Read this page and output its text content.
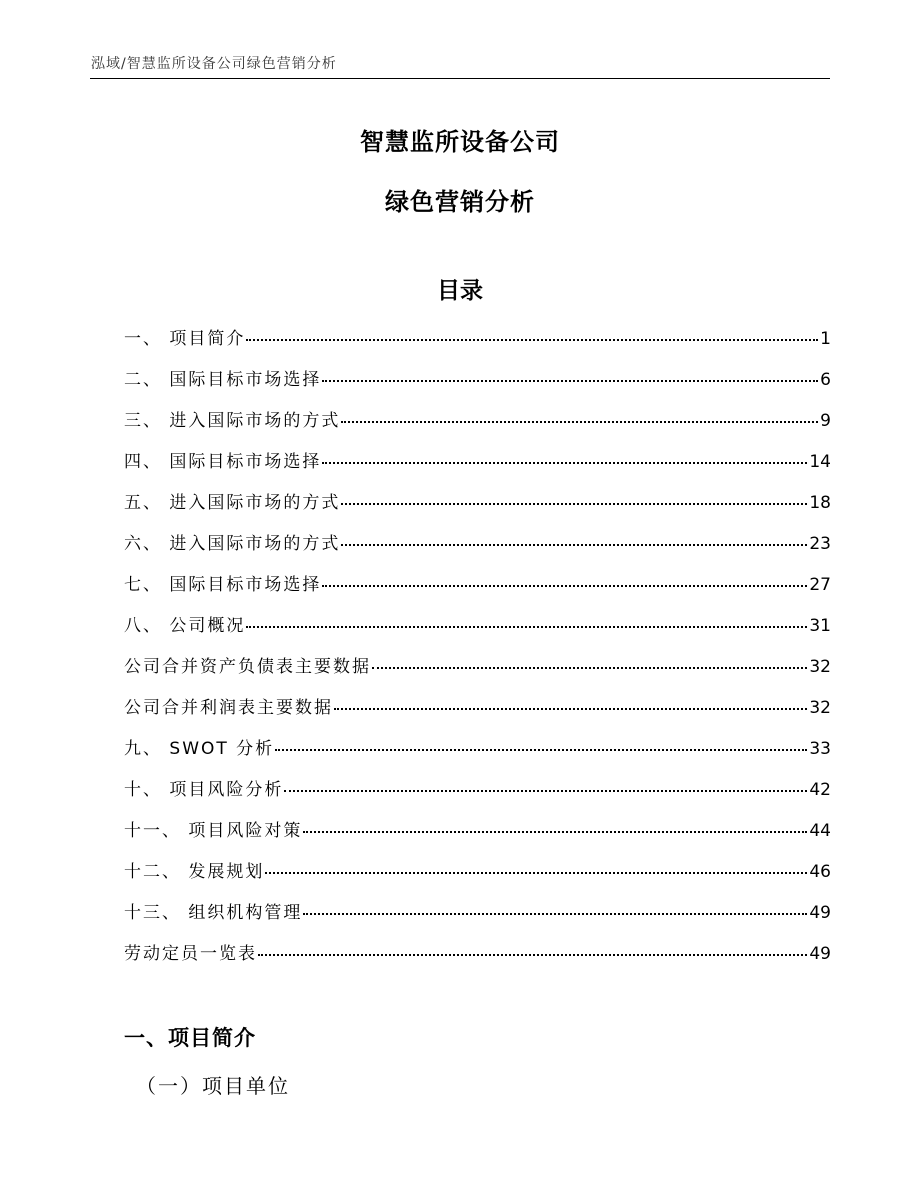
泓域/智慧监所设备公司绿色营销分析
智慧监所设备公司
绿色营销分析
目录
一、 项目简介	1
二、 国际目标市场选择	6
三、 进入国际市场的方式	9
四、 国际目标市场选择	14
五、 进入国际市场的方式	18
六、 进入国际市场的方式	23
七、 国际目标市场选择	27
八、 公司概况	31
公司合并资产负债表主要数据	32
公司合并利润表主要数据	32
九、 SWOT 分析	33
十、 项目风险分析	42
十一、 项目风险对策	44
十二、 发展规划	46
十三、 组织机构管理	49
劳动定员一览表	49
一、项目简介
（一）项目单位
